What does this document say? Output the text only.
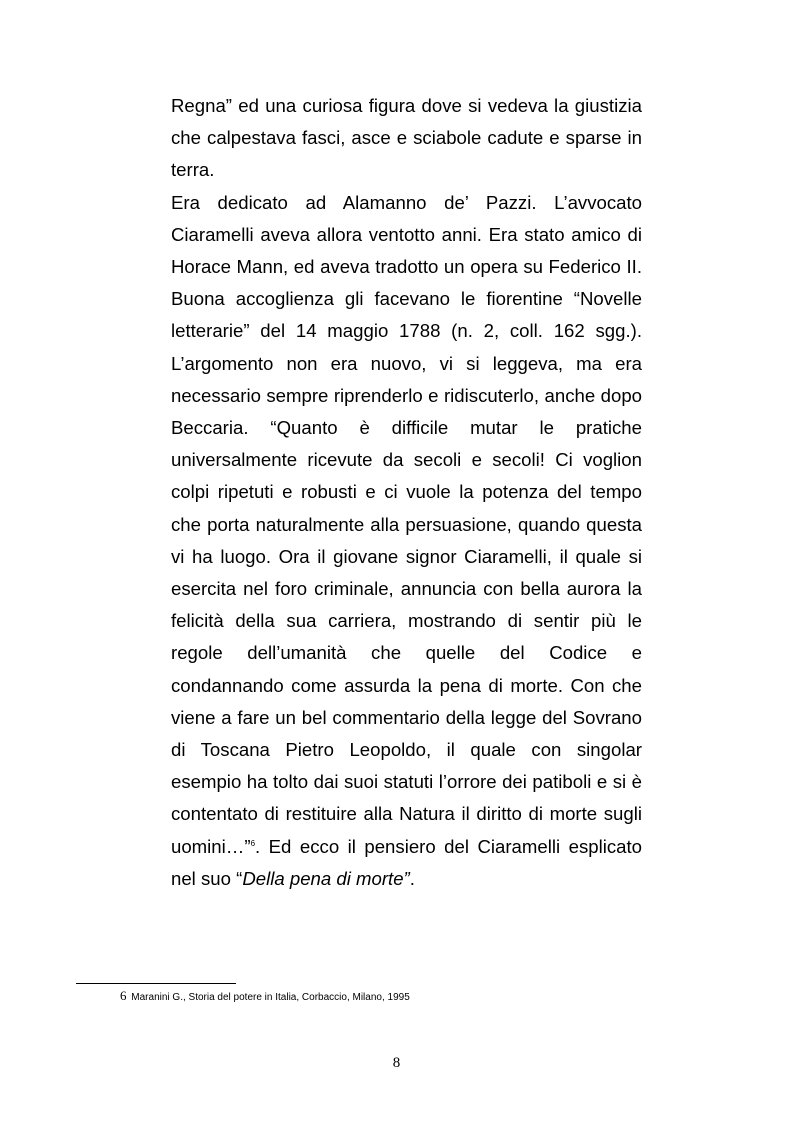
Regna” ed una curiosa figura dove si vedeva la giustizia che calpestava fasci, asce e sciabole cadute e sparse in terra.

Era dedicato ad Alamanno de’ Pazzi. L’avvocato Ciaramelli aveva allora ventotto anni. Era stato amico di Horace Mann, ed aveva tradotto un opera su Federico II. Buona accoglienza gli facevano le fiorentine “Novelle letterarie” del 14 maggio 1788 (n. 2, coll. 162 sgg.). L’argomento non era nuovo, vi si leggeva, ma era necessario sempre riprenderlo e ridiscuterlo, anche dopo Beccaria. “Quanto è difficile mutar le pratiche universalmente ricevute da secoli e secoli! Ci voglion colpi ripetuti e robusti e ci vuole la potenza del tempo che porta naturalmente alla persuasione, quando questa vi ha luogo. Ora il giovane signor Ciaramelli, il quale si esercita nel foro criminale, annuncia con bella aurora la felicità della sua carriera, mostrando di sentir più le regole dell’umanità che quelle del Codice e condannando come assurda la pena di morte. Con che viene a fare un bel commentario della legge del Sovrano di Toscana Pietro Leopoldo, il quale con singolar esempio ha tolto dai suoi statuti l’orrore dei patiboli e si è contentato di restituire alla Natura il diritto di morte sugli uomini…”$^6$. Ed ecco il pensiero del Ciaramelli esplicato nel suo “Della pena di morte”.

6 Maranini G., Storia del potere in Italia, Corbaccio, Milano, 1995
8
